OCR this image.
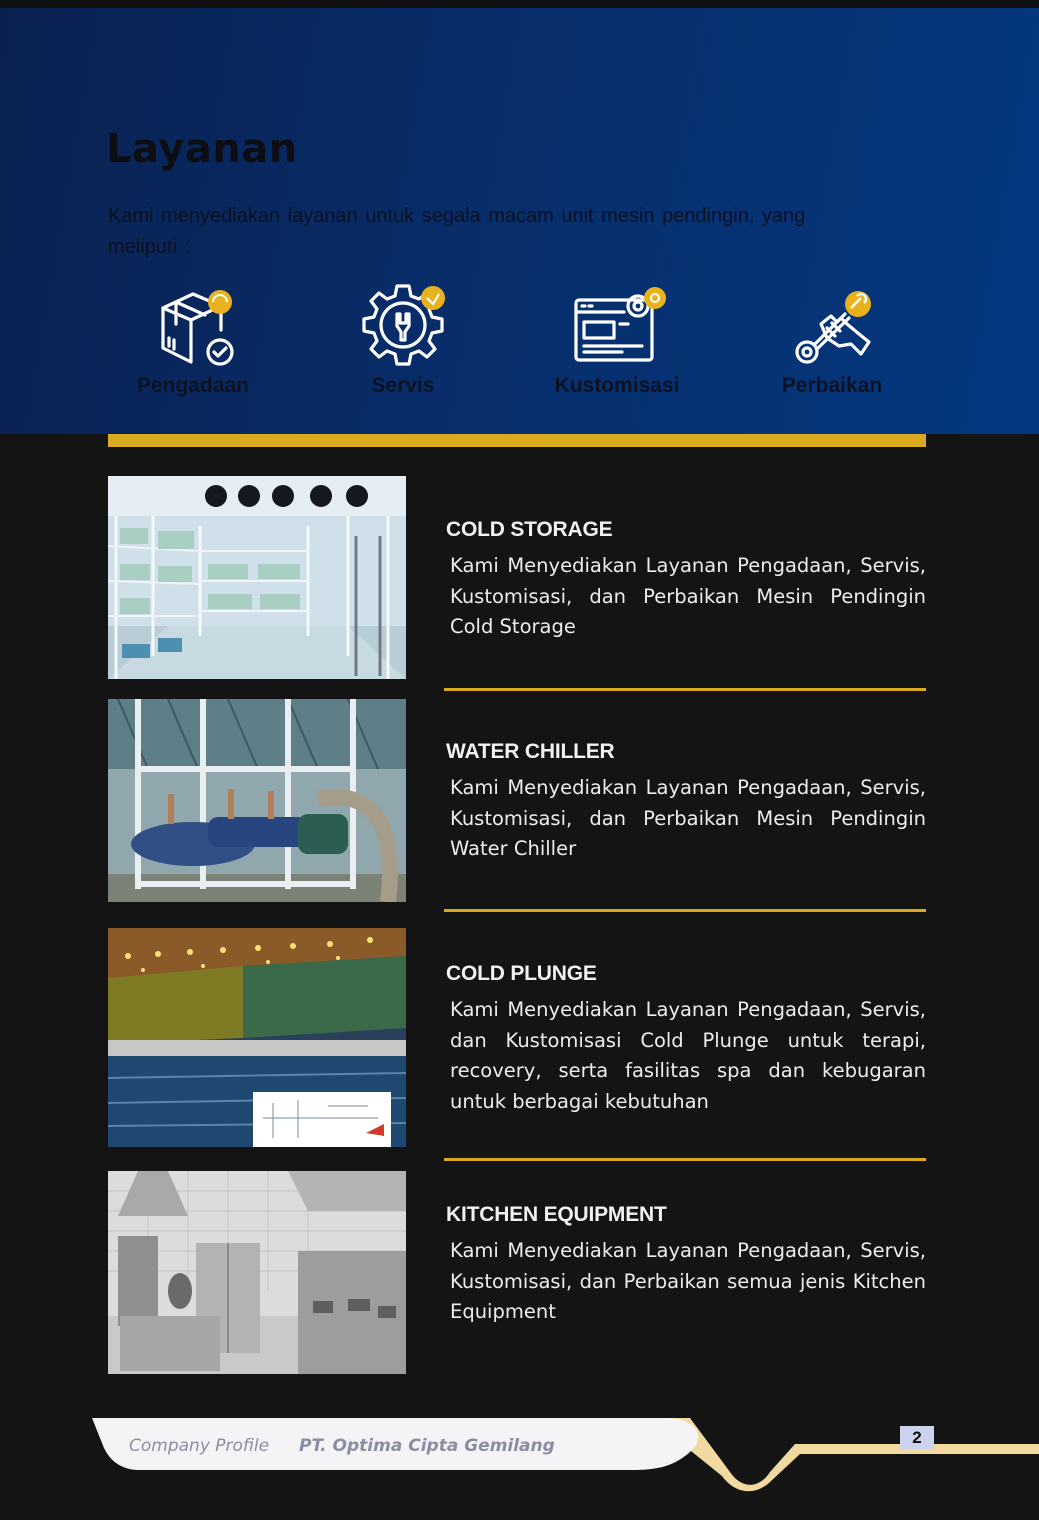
Layanan
Kami menyediakan layanan untuk segala macam unit mesin pendingin, yang meliputi :
Pengadaan	Servis	Kustomisasi	Perbaikan
COLD STORAGE

Kami Menyediakan Layanan Pengadaan, Servis, Kustomisasi, dan Perbaikan Mesin Pendingin Cold Storage

WATER CHILLER

Kami Menyediakan Layanan Pengadaan, Servis, Kustomisasi, dan Perbaikan Mesin Pendingin Water Chiller

COLD PLUNGE

Kami Menyediakan Layanan Pengadaan, Servis, dan Kustomisasi Cold Plunge untuk terapi, recovery, serta fasilitas spa dan kebugaran untuk berbagai kebutuhan

KITCHEN EQUIPMENT

Kami Menyediakan Layanan Pengadaan, Servis, Kustomisasi, dan Perbaikan semua jenis Kitchen Equipment

Company Profile PT. Optima Cipta Gemilang	2
